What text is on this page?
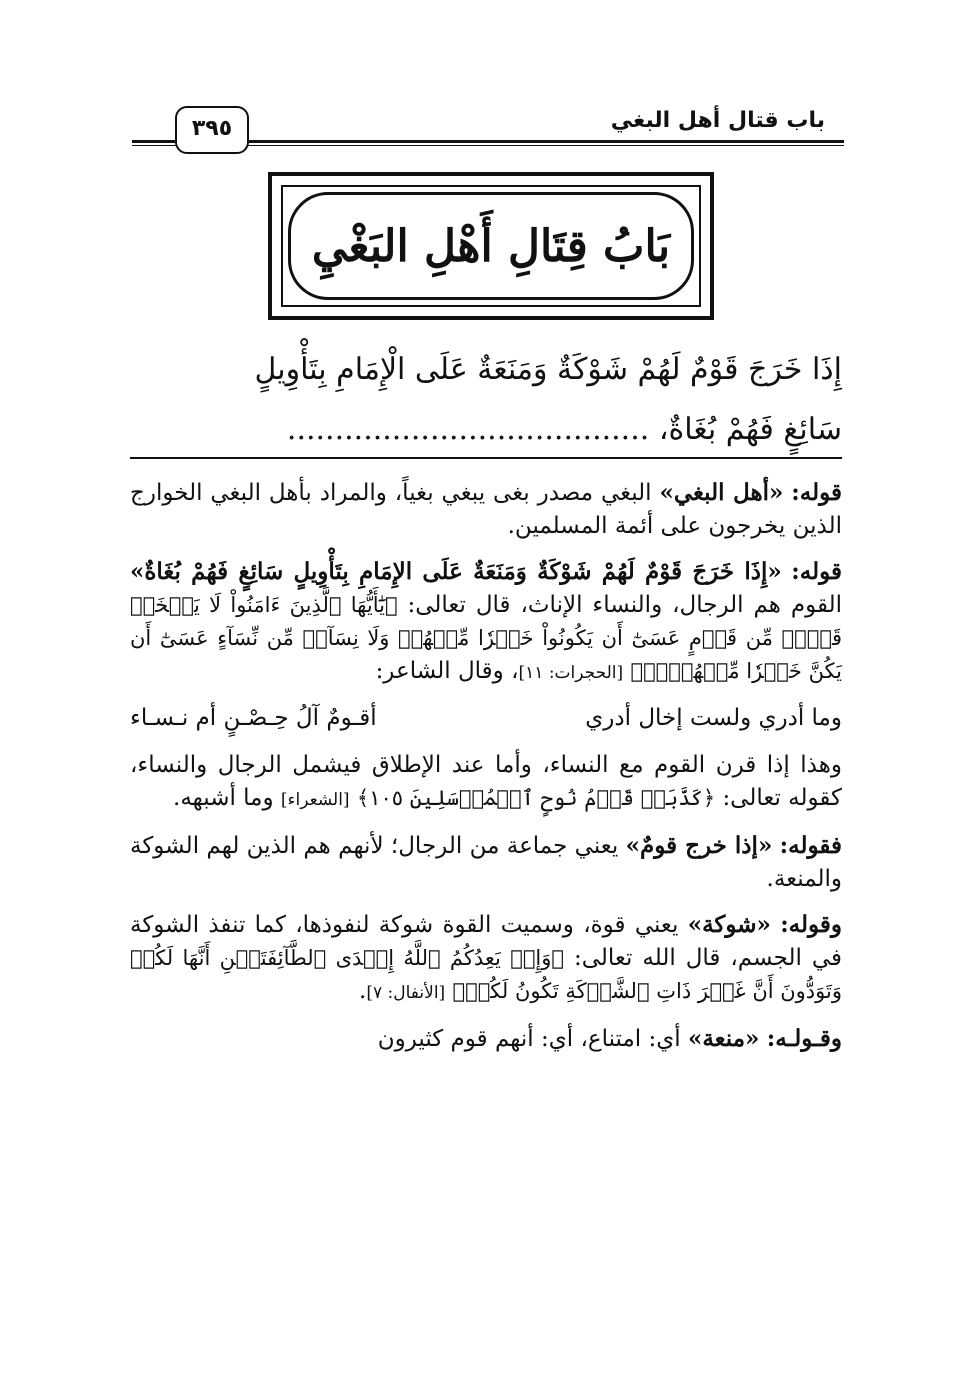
باب قتال أهل البغي
٣٩٥
بَابُ قِتَالِ أَهْلِ البَغْيِ
إِذَا خَرَجَ قَوْمٌ لَهُمْ شَوْكَةٌ وَمَنَعَةٌ عَلَى الْإِمَامِ بِتَأْوِيلٍ
سَائِغٍ فَهُمْ بُغَاةٌ، ......................................

قوله: «أهل البغي» البغي مصدر بغى يبغي بغياً، والمراد بأهل البغي الخوارج الذين يخرجون على أئمة المسلمين.

قوله: «إِذَا خَرَجَ قَوْمٌ لَهُمْ شَوْكَةٌ وَمَنَعَةٌ عَلَى الإِمَامِ بِتَأْوِيلٍ سَائِغٍ فَهُمْ بُغَاةٌ» القوم هم الرجال، والنساء الإناث، قال تعالى: ﴿يَٰٓأَيُّهَا ٱلَّذِينَ ءَامَنُواْ لَا يَسۡخَرۡ قَوۡمٞ مِّن قَوۡمٍ عَسَىٰٓ أَن يَكُونُواْ خَيۡرٗا مِّنۡهُمۡ وَلَا نِسَآءٞ مِّن نِّسَآءٍ عَسَىٰٓ أَن يَكُنَّ خَيۡرٗا مِّنۡهُنَّۖ﴾ [الحجرات: ١١]، وقال الشاعر:

وما أدري ولست إخال أدري
أقـومٌ آلُ حِـصْـنٍ أم نـسـاء

وهذا إذا قرن القوم مع النساء، وأما عند الإطلاق فيشمل الرجال والنساء، كقوله تعالى: ﴿كَذَّبَتۡ قَوۡمُ نُوحٍ ٱلۡمُرۡسَلِينَ ١٠٥﴾ [الشعراء] وما أشبهه.

فقوله: «إذا خرج قومٌ» يعني جماعة من الرجال؛ لأنهم هم الذين لهم الشوكة والمنعة.

وقوله: «شوكة» يعني قوة، وسميت القوة شوكة لنفوذها، كما تنفذ الشوكة في الجسم، قال الله تعالى: ﴿وَإِذۡ يَعِدُكُمُ ٱللَّهُ إِحۡدَى ٱلطَّآئِفَتَيۡنِ أَنَّهَا لَكُمۡ وَتَوَدُّونَ أَنَّ غَيۡرَ ذَاتِ ٱلشَّوۡكَةِ تَكُونُ لَكُمۡ﴾ [الأنفال: ٧].

وقـولـه: «منعة» أي: امتناع، أي: أنهم قوم كثيرون
